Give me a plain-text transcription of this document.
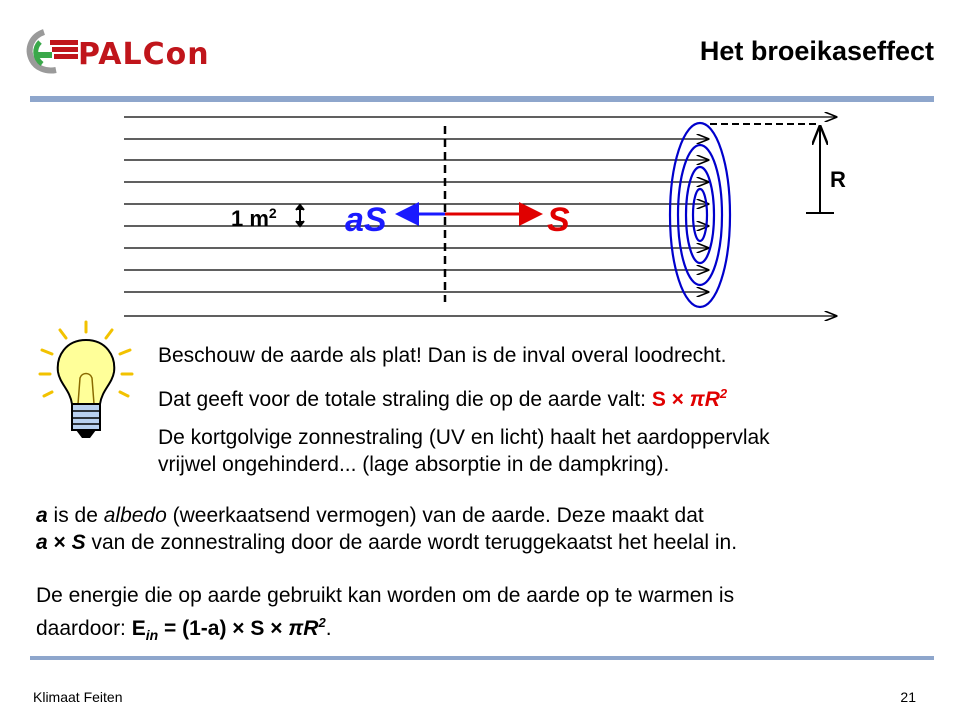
PALCon	Het broeikaseffect
1 $m^2$ aS	S
R
Beschouw de aarde als plat! Dan is de inval overal loodrecht.
Dat geeft voor de totale straling die op de aarde valt: $S \times \pi R^2$
De kortgolvige zonnestraling (UV en licht) haalt het aardoppervlak
vrijwel ongehinderd... (lage absorptie in de dampkring).
a is de albedo (weerkaatsend vermogen) van de aarde. Deze maakt dat
a × S van de zonnestraling door de aarde wordt teruggekaatst het heelal in.
De energie die op aarde gebruikt kan worden om de aarde op te warmen is
daardoor: $E_{in} = (1-a) \times S \times \pi R^2$.
Klimaat Feiten	21
